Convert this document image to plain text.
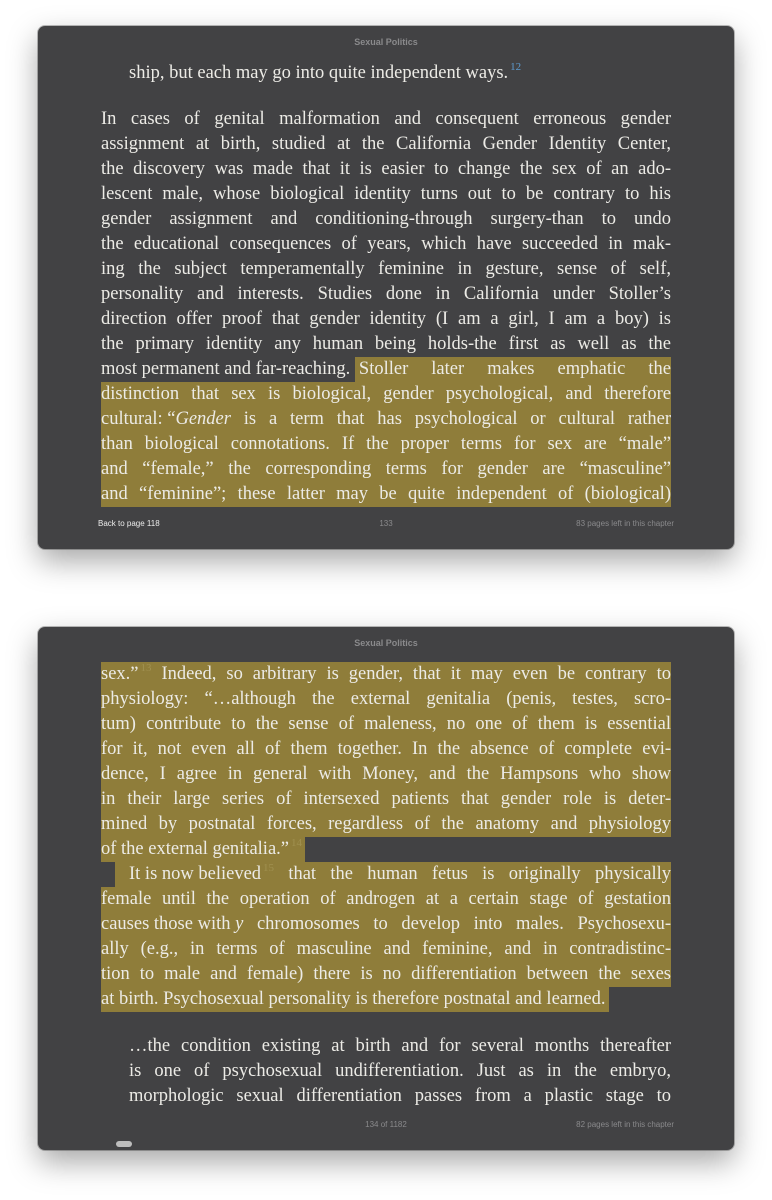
Sexual Politics
ship, but each may go into quite independent ways. $^{12}$
In cases of genital malformation and consequent erroneous gender
assignment at birth, studied at the California Gender Identity Center,
the discovery was made that it is easier to change the sex of an ado-
lescent male, whose biological identity turns out to be contrary to his
gender assignment and conditioning-through surgery-than to undo
the educational consequences of years, which have succeeded in mak-
ing the subject temperamentally feminine in gesture, sense of self,
personality and interests. Studies done in California under Stoller’s
direction offer proof that gender identity (I am a girl, I am a boy) is
the primary identity any human being holds-the first as well as the
most permanent and far-reaching. Stoller later makes emphatic the
distinction that sex is biological, gender psychological, and therefore
cultural: “ Gender is a term that has psychological or cultural rather
than biological connotations. If the proper terms for sex are “male”
and “female,” the corresponding terms for gender are “masculine”
and “feminine”; these latter may be quite independent of (biological)
Back to page 118	133	83 pages left in this chapter
Sexual Politics
sex.” 13 Indeed, so arbitrary is gender, that it may even be contrary to
physiology: “…although the external genitalia (penis, testes, scro-
tum) contribute to the sense of maleness, no one of them is essential
for it, not even all of them together. In the absence of complete evi-
dence, I agree in general with Money, and the Hampsons who show
in their large series of intersexed patients that gender role is deter-
mined by postnatal forces, regardless of the anatomy and physiology
of the external genitalia.” $^{14}$
It is now believed 15 that the human fetus is originally physically
female until the operation of androgen at a certain stage of gestation
causes those with y chromosomes to develop into males. Psychosexu-
ally (e.g., in terms of masculine and feminine, and in contradistinc-
tion to male and female) there is no differentiation between the sexes
at birth. Psychosexual personality is therefore postnatal and learned.
…the condition existing at birth and for several months thereafter
is one of psychosexual undifferentiation. Just as in the embryo,
morphologic sexual differentiation passes from a plastic stage to
134 of 1182	82 pages left in this chapter
